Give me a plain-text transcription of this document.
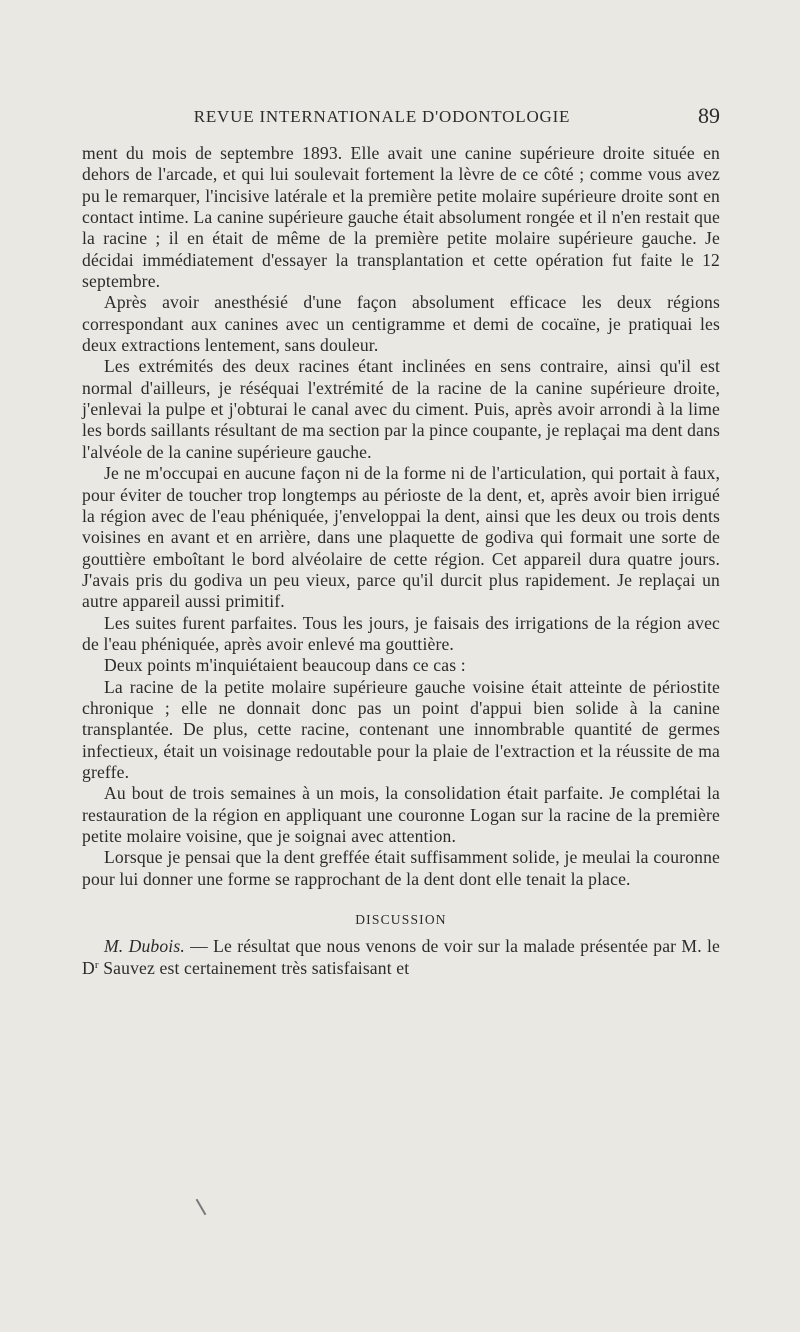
REVUE INTERNATIONALE D'ODONTOLOGIE	89

ment du mois de septembre 1893. Elle avait une canine supérieure droite située en dehors de l'arcade, et qui lui soulevait fortement la lèvre de ce côté ; comme vous avez pu le remarquer, l'incisive latérale et la première petite molaire supérieure droite sont en contact intime. La canine supérieure gauche était absolument rongée et il n'en restait que la racine ; il en était de même de la première petite molaire supérieure gauche. Je décidai immédiatement d'essayer la transplantation et cette opération fut faite le 12 septembre.

Après avoir anesthésié d'une façon absolument efficace les deux régions correspondant aux canines avec un centigramme et demi de cocaïne, je pratiquai les deux extractions lentement, sans douleur.

Les extrémités des deux racines étant inclinées en sens contraire, ainsi qu'il est normal d'ailleurs, je réséquai l'extrémité de la racine de la canine supérieure droite, j'enlevai la pulpe et j'obturai le canal avec du ciment. Puis, après avoir arrondi à la lime les bords saillants résultant de ma section par la pince coupante, je replaçai ma dent dans l'alvéole de la canine supérieure gauche.

Je ne m'occupai en aucune façon ni de la forme ni de l'articulation, qui portait à faux, pour éviter de toucher trop longtemps au périoste de la dent, et, après avoir bien irrigué la région avec de l'eau phéniquée, j'enveloppai la dent, ainsi que les deux ou trois dents voisines en avant et en arrière, dans une plaquette de godiva qui formait une sorte de gouttière emboîtant le bord alvéolaire de cette région. Cet appareil dura quatre jours. J'avais pris du godiva un peu vieux, parce qu'il durcit plus rapidement. Je replaçai un autre appareil aussi primitif.

Les suites furent parfaites. Tous les jours, je faisais des irrigations de la région avec de l'eau phéniquée, après avoir enlevé ma gouttière.

Deux points m'inquiétaient beaucoup dans ce cas :

La racine de la petite molaire supérieure gauche voisine était atteinte de périostite chronique ; elle ne donnait donc pas un point d'appui bien solide à la canine transplantée. De plus, cette racine, contenant une innombrable quantité de germes infectieux, était un voisinage redoutable pour la plaie de l'extraction et la réussite de ma greffe.

Au bout de trois semaines à un mois, la consolidation était parfaite. Je complétai la restauration de la région en appliquant une couronne Logan sur la racine de la première petite molaire voisine, que je soignai avec attention.

Lorsque je pensai que la dent greffée était suffisamment solide, je meulai la couronne pour lui donner une forme se rapprochant de la dent dont elle tenait la place.

DISCUSSION

M. Dubois. — Le résultat que nous venons de voir sur la malade présentée par M. le $D^r$ Sauvez est certainement très satisfaisant et
